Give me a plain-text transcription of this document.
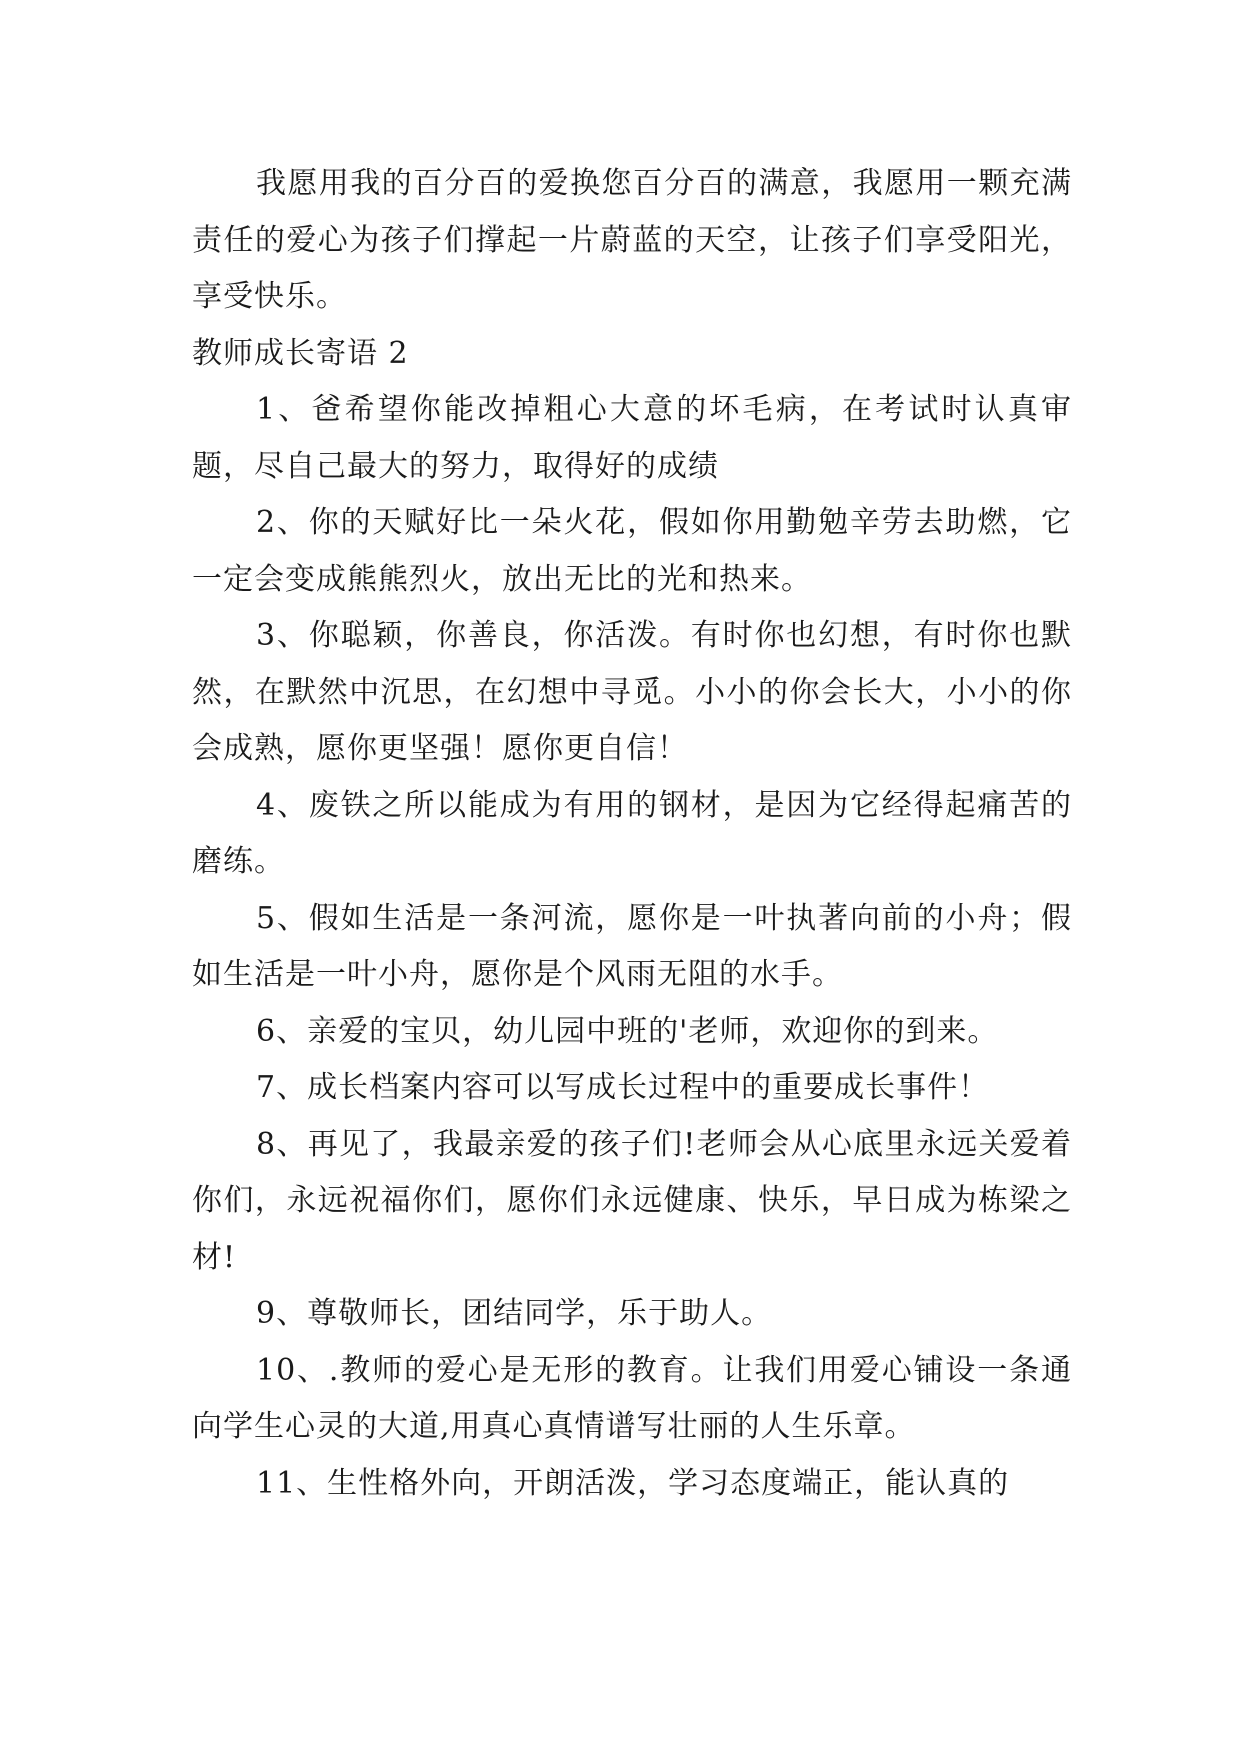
我愿用我的百分百的爱换您百分百的满意，我愿用一颗充满责任的爱心为孩子们撑起一片蔚蓝的天空，让孩子们享受阳光，享受快乐。

教师成长寄语 2

1、爸希望你能改掉粗心大意的坏毛病，在考试时认真审题，尽自己最大的努力，取得好的成绩

2、你的天赋好比一朵火花，假如你用勤勉辛劳去助燃，它一定会变成熊熊烈火，放出无比的光和热来。

3、你聪颖，你善良，你活泼。有时你也幻想，有时你也默然，在默然中沉思，在幻想中寻觅。小小的你会长大，小小的你会成熟，愿你更坚强！愿你更自信！

4、废铁之所以能成为有用的钢材，是因为它经得起痛苦的磨练。

5、假如生活是一条河流，愿你是一叶执著向前的小舟；假如生活是一叶小舟，愿你是个风雨无阻的水手。

6、亲爱的宝贝，幼儿园中班的'老师，欢迎你的到来。

7、成长档案内容可以写成长过程中的重要成长事件！

8、再见了，我最亲爱的孩子们!老师会从心底里永远关爱着你们，永远祝福你们，愿你们永远健康、快乐，早日成为栋梁之材!

9、尊敬师长，团结同学，乐于助人。

10、.教师的爱心是无形的教育。让我们用爱心铺设一条通向学生心灵的大道,用真心真情谱写壮丽的人生乐章。

11、生性格外向，开朗活泼，学习态度端正，能认真的
